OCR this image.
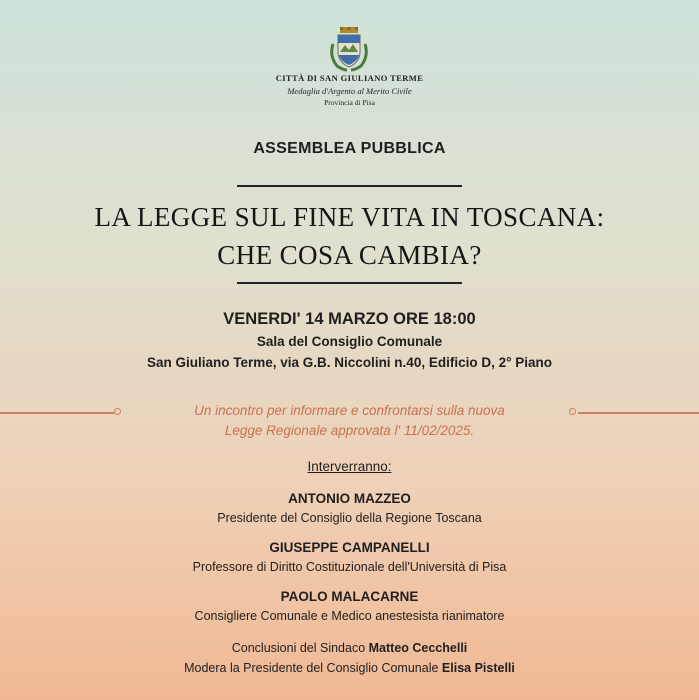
CITTÀ DI SAN GIULIANO TERME
Medaglia d'Argento al Merito Civile
Provincia di Pisa
ASSEMBLEA PUBBLICA
LA LEGGE SUL FINE VITA IN TOSCANA:
CHE COSA CAMBIA?
VENERDI' 14 MARZO ORE 18:00
Sala del Consiglio Comunale
San Giuliano Terme, via G.B. Niccolini n.40, Edificio D, 2° Piano
Un incontro per informare e confrontarsi sulla nuova
Legge Regionale approvata l' 11/02/2025.
Interverranno:
ANTONIO MAZZEO
Presidente del Consiglio della Regione Toscana
GIUSEPPE CAMPANELLI
Professore di Diritto Costituzionale dell'Università di Pisa
PAOLO MALACARNE
Consigliere Comunale e Medico anestesista rianimatore
Conclusioni del Sindaco Matteo Cecchelli
Modera la Presidente del Consiglio Comunale Elisa Pistelli
